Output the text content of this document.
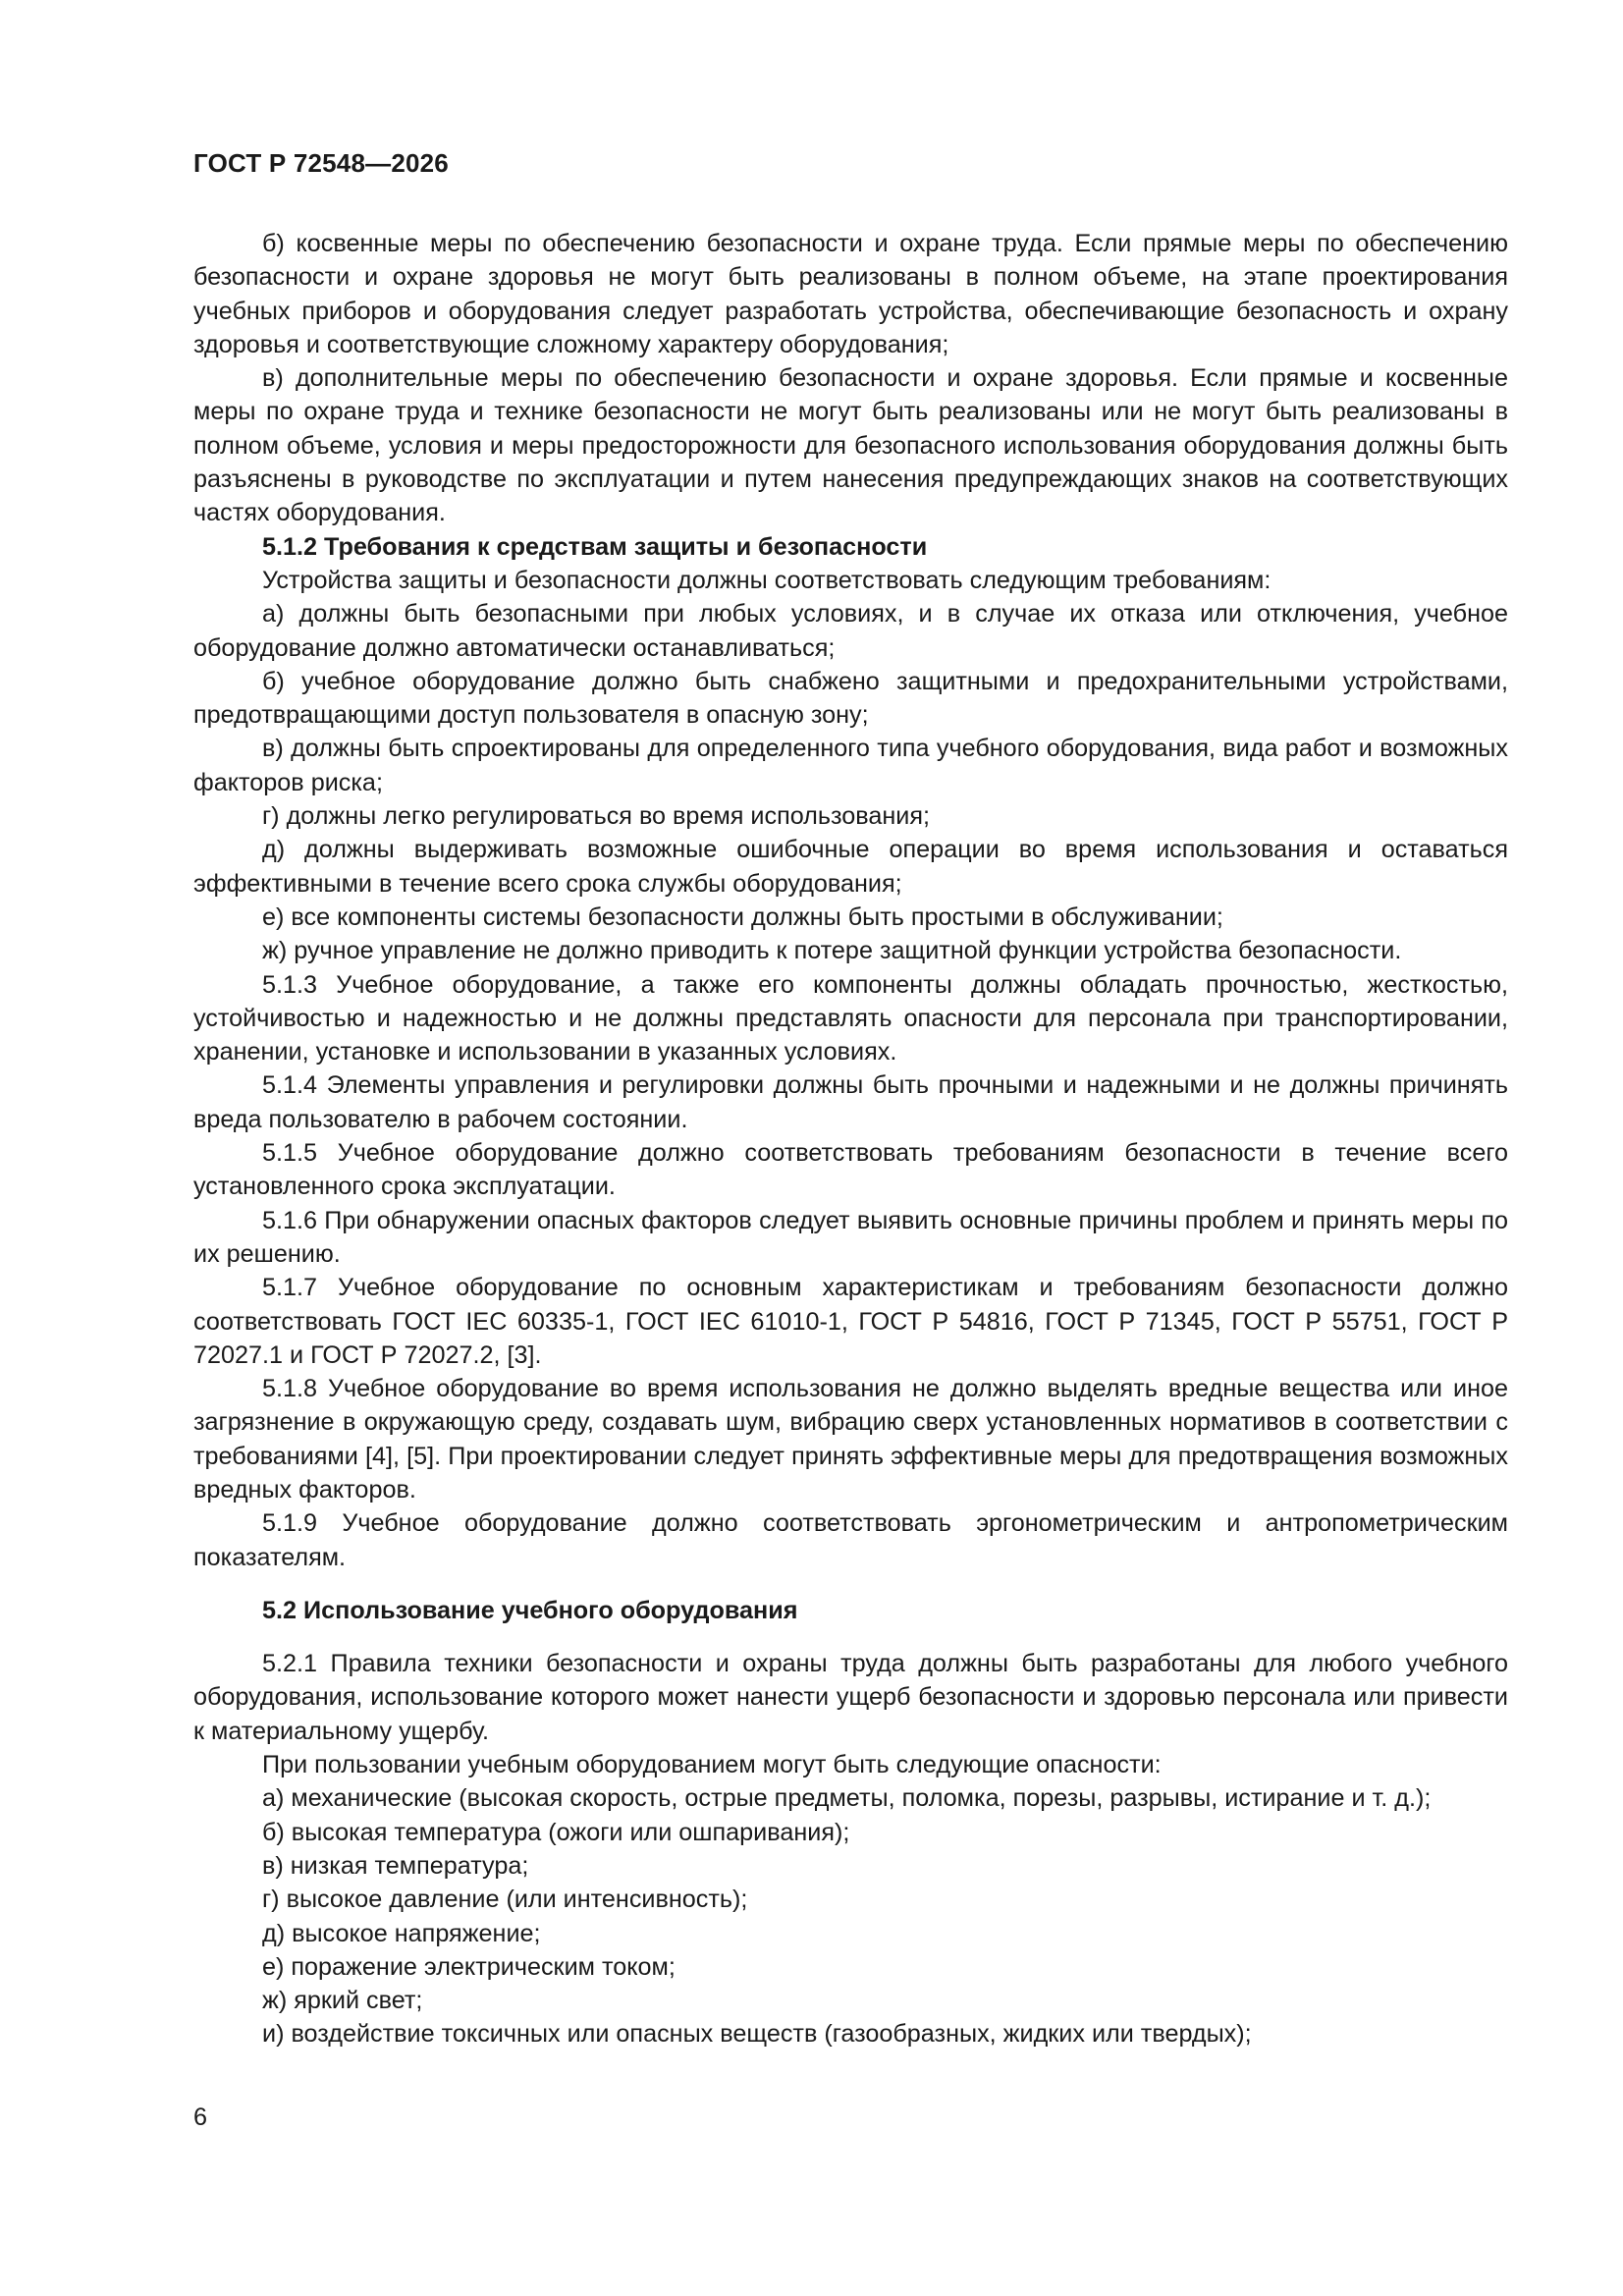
ГОСТ Р 72548—2026

б) косвенные меры по обеспечению безопасности и охране труда. Если прямые меры по обеспечению безопасности и охране здоровья не могут быть реализованы в полном объеме, на этапе проектирования учебных приборов и оборудования следует разработать устройства, обеспечивающие безопасность и охрану здоровья и соответствующие сложному характеру оборудования;

в) дополнительные меры по обеспечению безопасности и охране здоровья. Если прямые и косвенные меры по охране труда и технике безопасности не могут быть реализованы или не могут быть реализованы в полном объеме, условия и меры предосторожности для безопасного использования оборудования должны быть разъяснены в руководстве по эксплуатации и путем нанесения предупреждающих знаков на соответствующих частях оборудования.

5.1.2 Требования к средствам защиты и безопасности

Устройства защиты и безопасности должны соответствовать следующим требованиям:

а) должны быть безопасными при любых условиях, и в случае их отказа или отключения, учебное оборудование должно автоматически останавливаться;

б) учебное оборудование должно быть снабжено защитными и предохранительными устройствами, предотвращающими доступ пользователя в опасную зону;

в) должны быть спроектированы для определенного типа учебного оборудования, вида работ и возможных факторов риска;

г) должны легко регулироваться во время использования;

д) должны выдерживать возможные ошибочные операции во время использования и оставаться эффективными в течение всего срока службы оборудования;

е) все компоненты системы безопасности должны быть простыми в обслуживании;

ж) ручное управление не должно приводить к потере защитной функции устройства безопасности.

5.1.3 Учебное оборудование, а также его компоненты должны обладать прочностью, жесткостью, устойчивостью и надежностью и не должны представлять опасности для персонала при транспортировании, хранении, установке и использовании в указанных условиях.

5.1.4 Элементы управления и регулировки должны быть прочными и надежными и не должны причинять вреда пользователю в рабочем состоянии.

5.1.5 Учебное оборудование должно соответствовать требованиям безопасности в течение всего установленного срока эксплуатации.

5.1.6 При обнаружении опасных факторов следует выявить основные причины проблем и принять меры по их решению.

5.1.7 Учебное оборудование по основным характеристикам и требованиям безопасности должно соответствовать ГОСТ IEC 60335-1, ГОСТ IEC 61010-1, ГОСТ Р 54816, ГОСТ Р 71345, ГОСТ Р 55751, ГОСТ Р 72027.1 и ГОСТ Р 72027.2, [3].

5.1.8 Учебное оборудование во время использования не должно выделять вредные вещества или иное загрязнение в окружающую среду, создавать шум, вибрацию сверх установленных нормативов в соответствии с требованиями [4], [5]. При проектировании следует принять эффективные меры для предотвращения возможных вредных факторов.

5.1.9 Учебное оборудование должно соответствовать эргонометрическим и антропометрическим показателям.

5.2 Использование учебного оборудования

5.2.1 Правила техники безопасности и охраны труда должны быть разработаны для любого учебного оборудования, использование которого может нанести ущерб безопасности и здоровью персонала или привести к материальному ущербу.

При пользовании учебным оборудованием могут быть следующие опасности:

а) механические (высокая скорость, острые предметы, поломка, порезы, разрывы, истирание и т. д.);

б) высокая температура (ожоги или ошпаривания);

в) низкая температура;

г) высокое давление (или интенсивность);

д) высокое напряжение;

е) поражение электрическим током;

ж) яркий свет;

и) воздействие токсичных или опасных веществ (газообразных, жидких или твердых);

6
